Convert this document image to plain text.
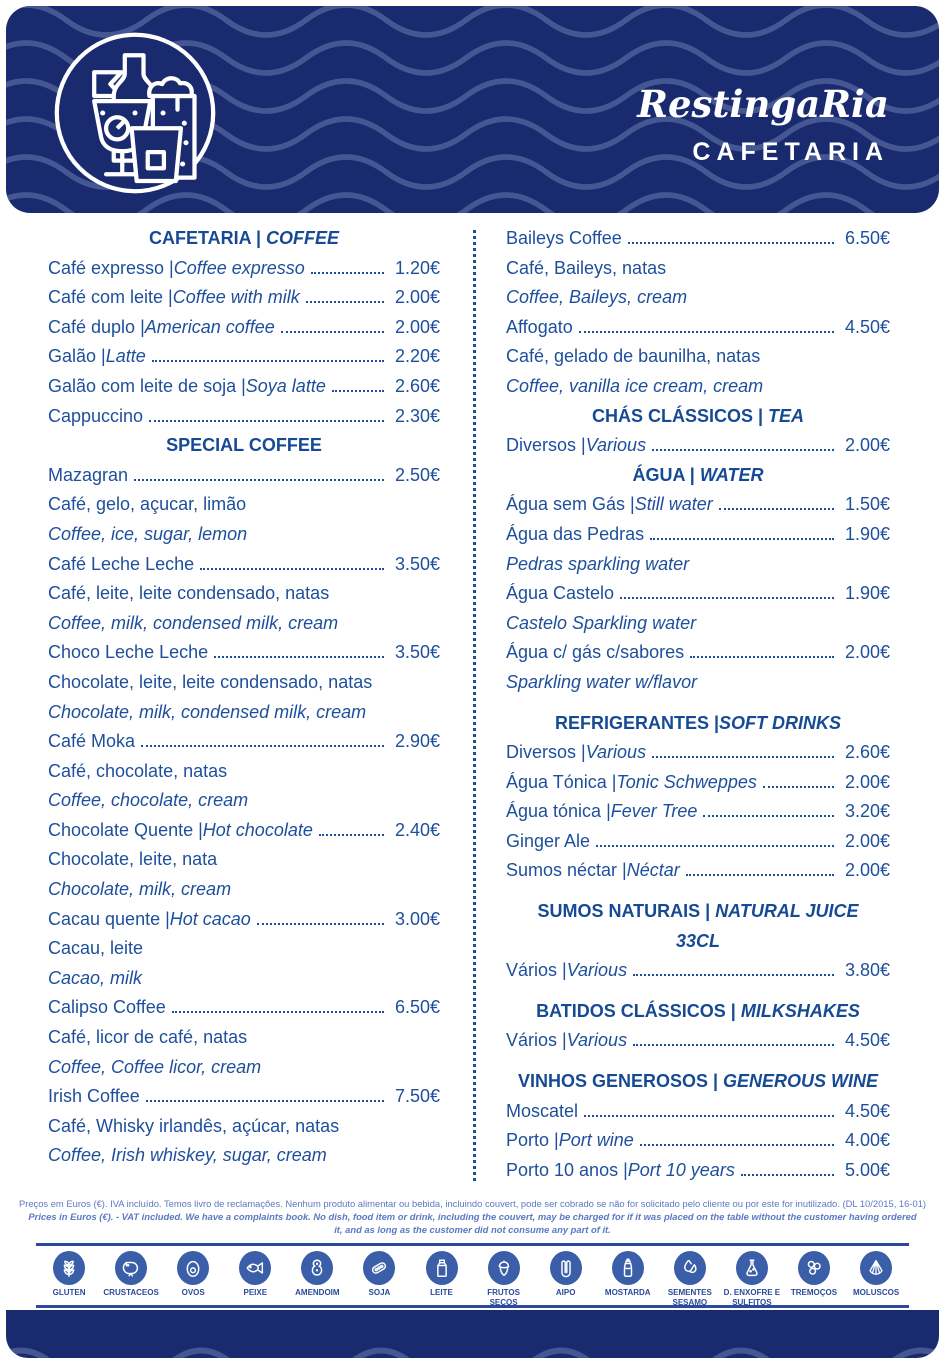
RestingaRia
CAFETARIA
CAFETARIA | COFFEE
Café expresso | Coffee expresso	1.20€
Café com leite | Coffee with milk	2.00€
Café duplo | American coffee	2.00€
Galão | Latte	2.20€
Galão com leite de soja | Soya latte	2.60€
Cappuccino	2.30€
SPECIAL COFFEE
Mazagran	2.50€
Café, gelo, açucar, limão
Coffee, ice, sugar, lemon
Café Leche Leche	3.50€
Café, leite, leite condensado, natas
Coffee, milk, condensed milk, cream
Choco Leche Leche	3.50€
Chocolate, leite, leite condensado, natas
Chocolate, milk, condensed milk, cream
Café Moka	2.90€
Café, chocolate, natas
Coffee, chocolate, cream
Chocolate Quente | Hot chocolate	2.40€
Chocolate, leite, nata
Chocolate, milk, cream
Cacau quente | Hot cacao	3.00€
Cacau, leite
Cacao, milk
Calipso Coffee	6.50€
Café, licor de café, natas
Coffee, Coffee licor, cream
Irish Coffee	7.50€
Café, Whisky irlandês, açúcar, natas
Coffee, Irish whiskey, sugar, cream
Baileys Coffee	6.50€
Café, Baileys, natas
Coffee, Baileys, cream
Affogato	4.50€
Café, gelado de baunilha, natas
Coffee, vanilla ice cream, cream
CHÁS CLÁSSICOS | TEA
Diversos | Various	2.00€
ÁGUA | WATER
Água sem Gás | Still water	1.50€
Água das Pedras	1.90€
Pedras sparkling water
Água Castelo	1.90€
Castelo Sparkling water
Água c/ gás c/sabores	2.00€
Sparkling water w/flavor
REFRIGERANTES |SOFT DRINKS
Diversos | Various	2.60€
Água Tónica | Tonic Schweppes	2.00€
Água tónica | Fever Tree	3.20€
Ginger Ale	2.00€
Sumos néctar | Néctar	2.00€
SUMOS NATURAIS | NATURAL JUICE
33CL
Vários | Various	3.80€
BATIDOS CLÁSSICOS | MILKSHAKES
Vários | Various	4.50€
VINHOS GENEROSOS | GENEROUS WINE
Moscatel	4.50€
Porto | Port wine	4.00€
Porto 10 anos | Port 10 years	5.00€
Preços em Euros (€). IVA incluído. Temos livro de reclamações. Nenhum produto alimentar ou bebida, incluindo couvert, pode ser cobrado se não for solicitado pelo cliente ou por este for inutilizado. (DL 10/2015, 16-01)
Prices in Euros (€). - VAT included. We have a complaints book. No dish, food item or drink, including the couvert, may be charged for if it was placed on the table without the customer having ordered
it, and as long as the customer did not consume any part of it.
GLUTEN	CRUSTACEOS	OVOS	PEIXE	AMENDOIM	SOJA	LEITE	FRUTOS SECOS
AIPO	MOSTARDA	SEMENTES SESAMO
D. ENXOFRE E SULFITOS
TREMOÇOS	MOLUSCOS
